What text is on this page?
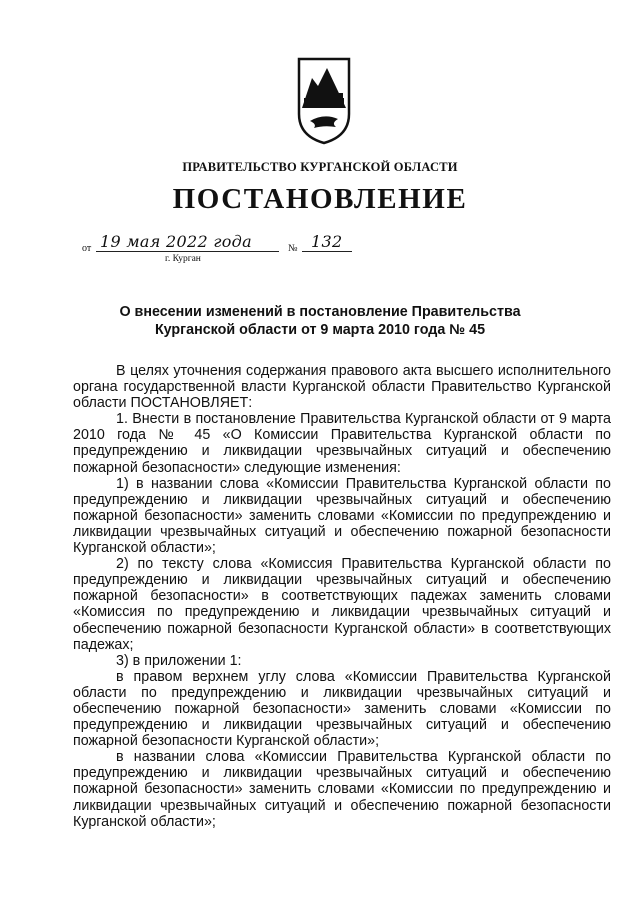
ПРАВИТЕЛЬСТВО КУРГАНСКОЙ ОБЛАСТИ
ПОСТАНОВЛЕНИЕ
от 19 мая 2022 года	№ 132
г. Курган
О внесении изменений в постановление Правительства
Курганской области от 9 марта 2010 года № 45

В целях уточнения содержания правового акта высшего исполнительного органа государственной власти Курганской области Правительство Курганской области ПОСТАНОВЛЯЕТ:

1. Внести в постановление Правительства Курганской области от 9 марта 2010 года № 45 «О Комиссии Правительства Курганской области по предупреждению и ликвидации чрезвычайных ситуаций и обеспечению пожарной безопасности» следующие изменения:

1) в названии слова «Комиссии Правительства Курганской области по предупреждению и ликвидации чрезвычайных ситуаций и обеспечению пожарной безопасности» заменить словами «Комиссии по предупреждению и ликвидации чрезвычайных ситуаций и обеспечению пожарной безопасности Курганской области»;

2) по тексту слова «Комиссия Правительства Курганской области по предупреждению и ликвидации чрезвычайных ситуаций и обеспечению пожарной безопасности» в соответствующих падежах заменить словами «Комиссия по предупреждению и ликвидации чрезвычайных ситуаций и обеспечению пожарной безопасности Курганской области» в соответствующих падежах;

3) в приложении 1:

в правом верхнем углу слова «Комиссии Правительства Курганской области по предупреждению и ликвидации чрезвычайных ситуаций и обеспечению пожарной безопасности» заменить словами «Комиссии по предупреждению и ликвидации чрезвычайных ситуаций и обеспечению пожарной безопасности Курганской области»;

в названии слова «Комиссии Правительства Курганской области по предупреждению и ликвидации чрезвычайных ситуаций и обеспечению пожарной безопасности» заменить словами «Комиссии по предупреждению и ликвидации чрезвычайных ситуаций и обеспечению пожарной безопасности Курганской области»;
